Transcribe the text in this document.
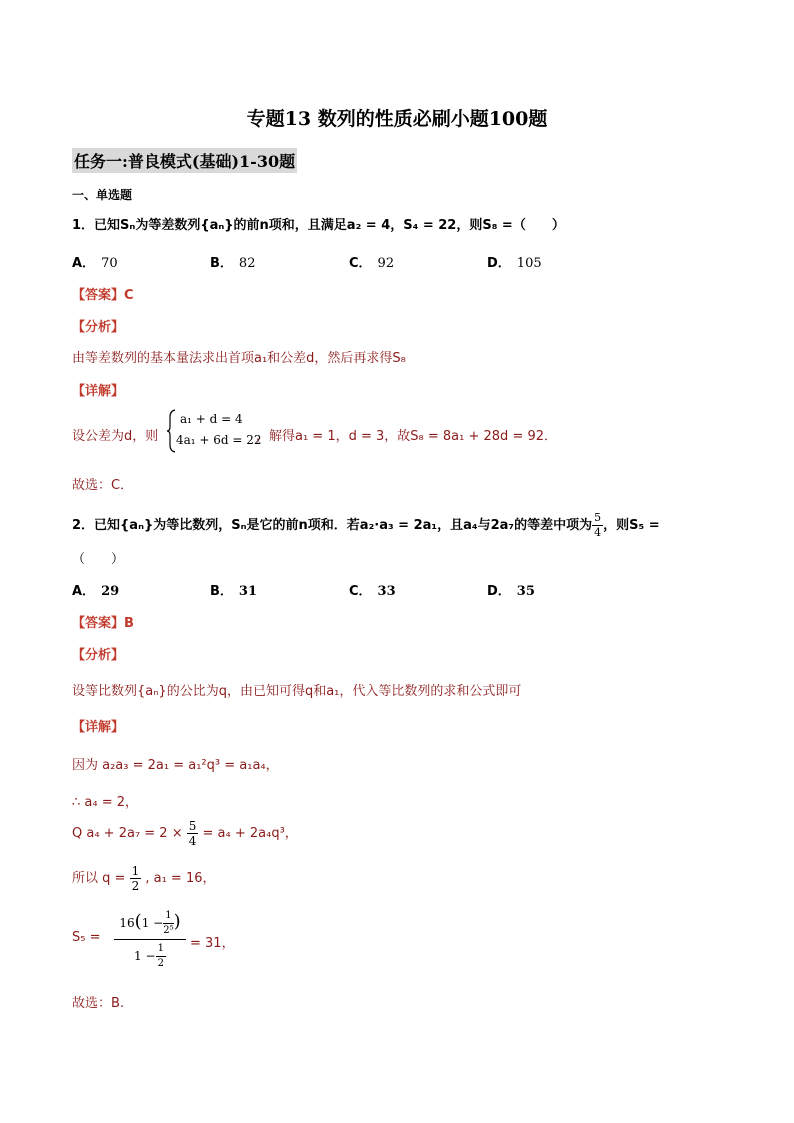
专题13 数列的性质必刷小题100题
任务一:普良模式(基础)1-30题
一、单选题
1．已知Sₙ为等差数列{aₙ}的前n项和，且满足a₂ = 4，S₄ = 22，则S₈ =（　　）
A． 70	B． 82	C． 92	D． 105
【答案】C
【分析】
由等差数列的基本量法求出首项a₁和公差d，然后再求得S₈
【详解】
设公差为d，则
a₁ + d = 4
4a₁ + 6d = 22
，解得a₁ = 1，d = 3，故S₈ = 8a₁ + 28d = 92．
故选：C．
2．已知{aₙ}为等比数列，Sₙ是它的前n项和．若a₂·a₃ = 2a₁，且a₄与2a₇的等差中项为 $\frac{5}{4}$ ，则S₅ =
（　　）
A． 29	B． 31	C． 33	D． 35
【答案】B
【分析】
设等比数列{aₙ}的公比为q，由已知可得q和a₁，代入等比数列的求和公式即可
【详解】
因为 a₂a₃ = 2a₁ = a₁²q³ = a₁a₄，
∴ a₄ = 2，
Q $a_4 + 2a_7 = 2 \times \frac{5}{4} = a_4 + 2a_4q^3$，
所以 $q = \frac{1}{2}$ , a₁ = 16，
S₅ =
$16(1 - \frac{1}{\text{2⁵}}$ )
$1 - \frac{1}{2} = 31$，
故选：B.
